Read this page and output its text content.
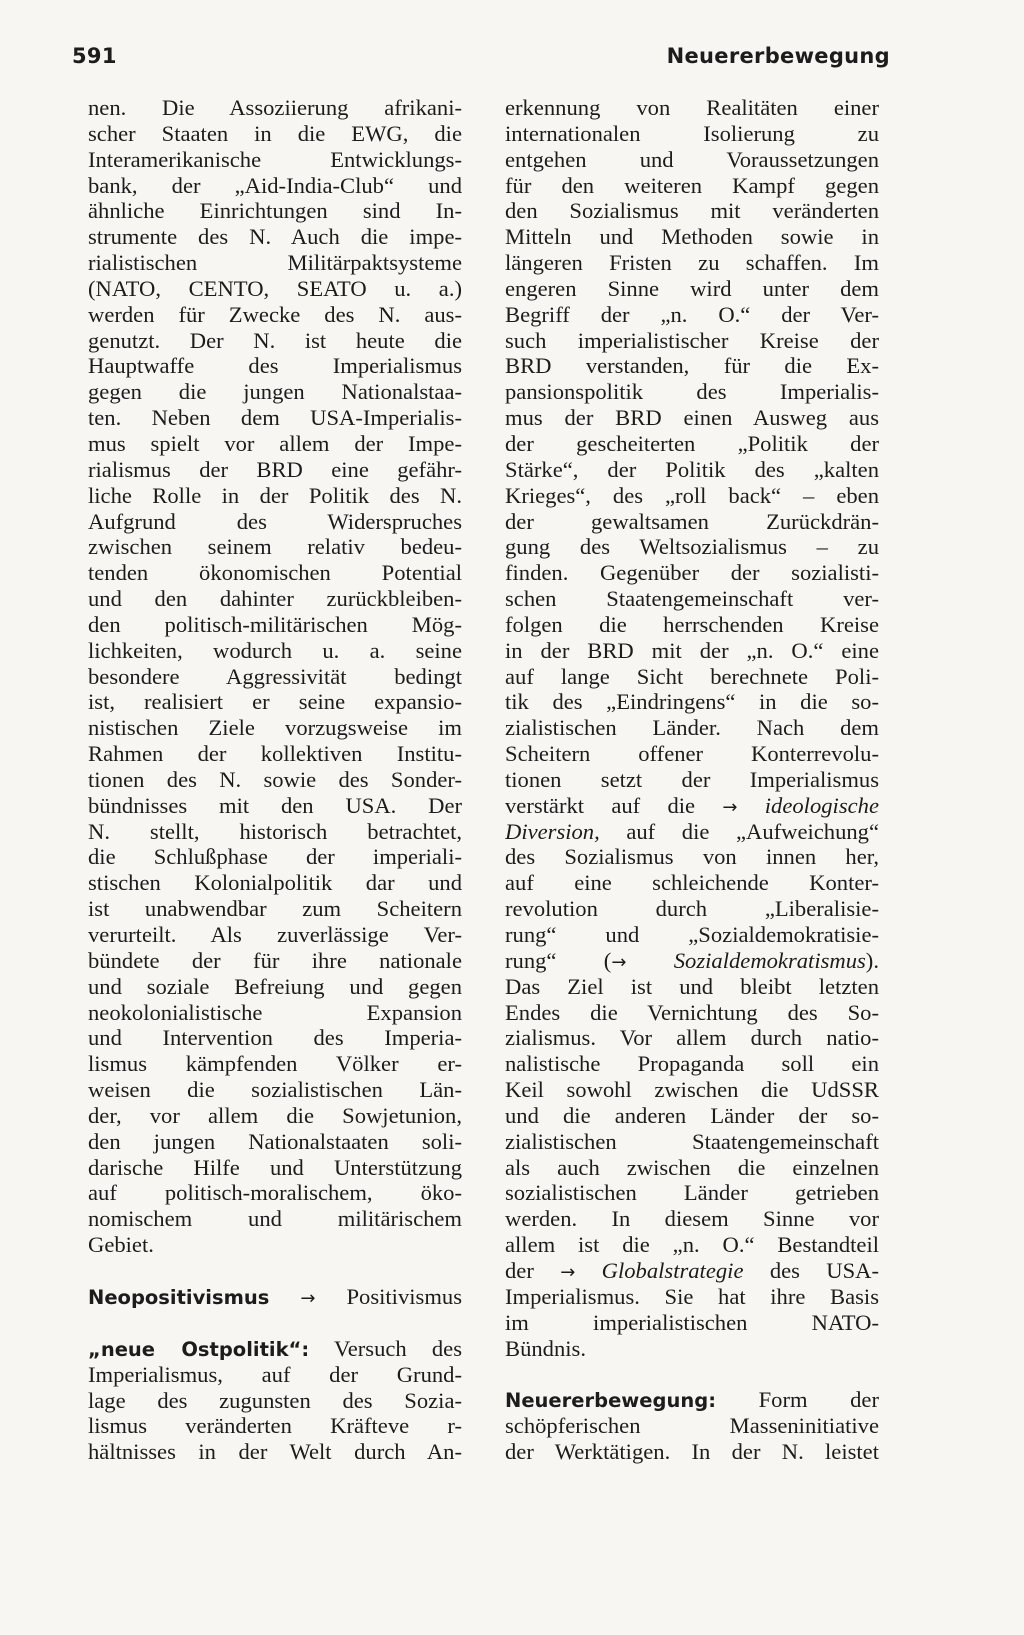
591	Neuererbewegung
nen. Die Assoziierung afrikani-
scher Staaten in die EWG, die
Interamerikanische Entwicklungs-
bank, der „Aid-India-Club“ und
ähnliche Einrichtungen sind In-
strumente des N. Auch die impe-
rialistischen Militärpaktsysteme
(NATO, CENTO, SEATO u. a.)
werden für Zwecke des N. aus-
genutzt. Der N. ist heute die
Hauptwaffe des Imperialismus
gegen die jungen Nationalstaa-
ten. Neben dem USA-Imperialis-
mus spielt vor allem der Impe-
rialismus der BRD eine gefähr-
liche Rolle in der Politik des N.
Aufgrund des Widerspruches
zwischen seinem relativ bedeu-
tenden ökonomischen Potential
und den dahinter zurückbleiben-
den politisch-militärischen Mög-
lichkeiten, wodurch u. a. seine
besondere Aggressivität bedingt
ist, realisiert er seine expansio-
nistischen Ziele vorzugsweise im
Rahmen der kollektiven Institu-
tionen des N. sowie des Sonder-
bündnisses mit den USA. Der
N. stellt, historisch betrachtet,
die Schlußphase der imperiali-
stischen Kolonialpolitik dar und
ist unabwendbar zum Scheitern
verurteilt. Als zuverlässige Ver-
bündete der für ihre nationale
und soziale Befreiung und gegen
neokolonialistische Expansion
und Intervention des Imperia-
lismus kämpfenden Völker er-
weisen die sozialistischen Län-
der, vor allem die Sowjetunion,
den jungen Nationalstaaten soli-
darische Hilfe und Unterstützung
auf politisch-moralischem, öko-
nomischem und militärischem
Gebiet.
Neopositivismus → Positivismus
„neue Ostpolitik“: Versuch des
Imperialismus, auf der Grund-
lage des zugunsten des Sozia-
lismus veränderten Kräfteve r-
hältnisses in der Welt durch An-
erkennung von Realitäten einer
internationalen Isolierung zu
entgehen und Voraussetzungen
für den weiteren Kampf gegen
den Sozialismus mit veränderten
Mitteln und Methoden sowie in
längeren Fristen zu schaffen. Im
engeren Sinne wird unter dem
Begriff der „n. O.“ der Ver-
such imperialistischer Kreise der
BRD verstanden, für die Ex-
pansionspolitik des Imperialis-
mus der BRD einen Ausweg aus
der gescheiterten „Politik der
Stärke“, der Politik des „kalten
Krieges“, des „roll back“ – eben
der gewaltsamen Zurückdrän-
gung des Weltsozialismus – zu
finden. Gegenüber der sozialisti-
schen Staatengemeinschaft ver-
folgen die herrschenden Kreise
in der BRD mit der „n. O.“ eine
auf lange Sicht berechnete Poli-
tik des „Eindringens“ in die so-
zialistischen Länder. Nach dem
Scheitern offener Konterrevolu-
tionen setzt der Imperialismus
verstärkt auf die → ideologische
Diversion, auf die „Aufweichung“
des Sozialismus von innen her,
auf eine schleichende Konter-
revolution durch „Liberalisie-
rung“ und „Sozialdemokratisie-
rung“ (→ Sozialdemokratismus).
Das Ziel ist und bleibt letzten
Endes die Vernichtung des So-
zialismus. Vor allem durch natio-
nalistische Propaganda soll ein
Keil sowohl zwischen die UdSSR
und die anderen Länder der so-
zialistischen Staatengemeinschaft
als auch zwischen die einzelnen
sozialistischen Länder getrieben
werden. In diesem Sinne vor
allem ist die „n. O.“ Bestandteil
der → Globalstrategie des USA-
Imperialismus. Sie hat ihre Basis
im imperialistischen NATO-
Bündnis.
Neuererbewegung: Form der
schöpferischen Masseninitiative
der Werktätigen. In der N. leistet
